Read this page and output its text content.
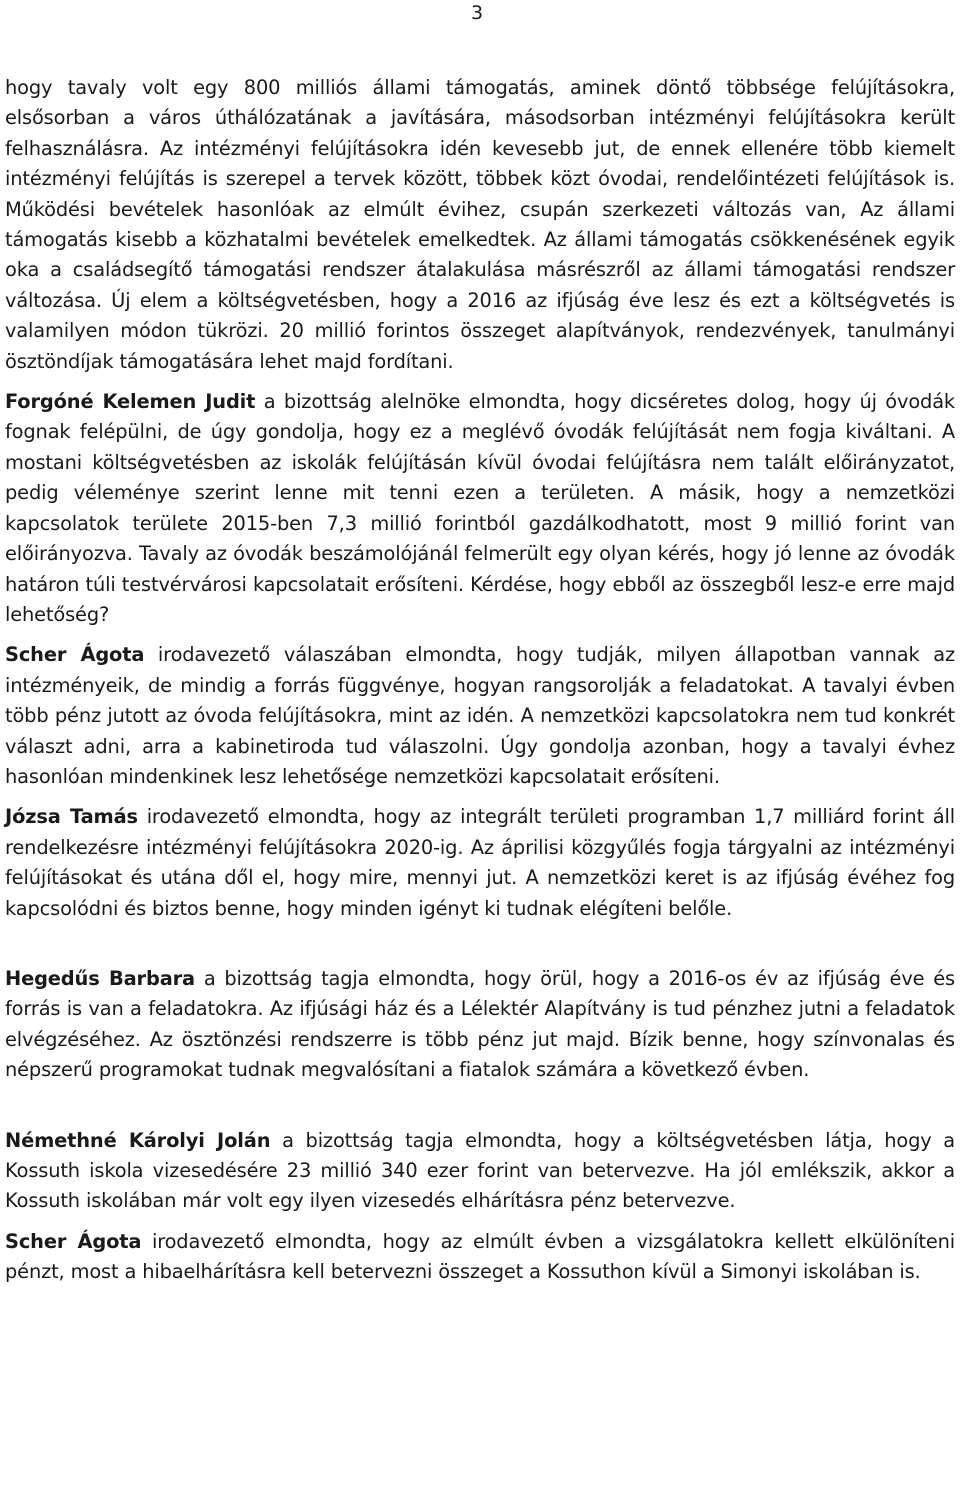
3

hogy tavaly volt egy 800 milliós állami támogatás, aminek döntő többsége felújításokra, elsősorban a város úthálózatának a javítására, másodsorban intézményi felújításokra került felhasználásra. Az intézményi felújításokra idén kevesebb jut, de ennek ellenére több kiemelt intézményi felújítás is szerepel a tervek között, többek közt óvodai, rendelőintézeti felújítások is. Működési bevételek hasonlóak az elmúlt évihez, csupán szerkezeti változás van, Az állami támogatás kisebb a közhatalmi bevételek emelkedtek. Az állami támogatás csökkenésének egyik oka a családsegítő támogatási rendszer átalakulása másrészről az állami támogatási rendszer változása. Új elem a költségvetésben, hogy a 2016 az ifjúság éve lesz és ezt a költségvetés is valamilyen módon tükrözi. 20 millió forintos összeget alapítványok, rendezvények, tanulmányi ösztöndíjak támogatására lehet majd fordítani.

Forgóné Kelemen Judit a bizottság alelnöke elmondta, hogy dicséretes dolog, hogy új óvodák fognak felépülni, de úgy gondolja, hogy ez a meglévő óvodák felújítását nem fogja kiváltani. A mostani költségvetésben az iskolák felújításán kívül óvodai felújításra nem talált előirányzatot, pedig véleménye szerint lenne mit tenni ezen a területen. A másik, hogy a nemzetközi kapcsolatok területe 2015-ben 7,3 millió forintból gazdálkodhatott, most 9 millió forint van előirányozva. Tavaly az óvodák beszámolójánál felmerült egy olyan kérés, hogy jó lenne az óvodák határon túli testvérvárosi kapcsolatait erősíteni. Kérdése, hogy ebből az összegből lesz-e erre majd lehetőség?

Scher Ágota irodavezető válaszában elmondta, hogy tudják, milyen állapotban vannak az intézményeik, de mindig a forrás függvénye, hogyan rangsorolják a feladatokat. A tavalyi évben több pénz jutott az óvoda felújításokra, mint az idén. A nemzetközi kapcsolatokra nem tud konkrét választ adni, arra a kabinetiroda tud válaszolni. Úgy gondolja azonban, hogy a tavalyi évhez hasonlóan mindenkinek lesz lehetősége nemzetközi kapcsolatait erősíteni.

Józsa Tamás irodavezető elmondta, hogy az integrált területi programban 1,7 milliárd forint áll rendelkezésre intézményi felújításokra 2020-ig. Az áprilisi közgyűlés fogja tárgyalni az intézményi felújításokat és utána dől el, hogy mire, mennyi jut. A nemzetközi keret is az ifjúság évéhez fog kapcsolódni és biztos benne, hogy minden igényt ki tudnak elégíteni belőle.

Hegedűs Barbara a bizottság tagja elmondta, hogy örül, hogy a 2016-os év az ifjúság éve és forrás is van a feladatokra. Az ifjúsági ház és a Lélektér Alapítvány is tud pénzhez jutni a feladatok elvégzéséhez. Az ösztönzési rendszerre is több pénz jut majd. Bízik benne, hogy színvonalas és népszerű programokat tudnak megvalósítani a fiatalok számára a következő évben.

Némethné Károlyi Jolán a bizottság tagja elmondta, hogy a költségvetésben látja, hogy a Kossuth iskola vizesedésére 23 millió 340 ezer forint van betervezve. Ha jól emlékszik, akkor a Kossuth iskolában már volt egy ilyen vizesedés elhárításra pénz betervezve.

Scher Ágota irodavezető elmondta, hogy az elmúlt évben a vizsgálatokra kellett elkülöníteni pénzt, most a hibaelhárításra kell betervezni összeget a Kossuthon kívül a Simonyi iskolában is.
